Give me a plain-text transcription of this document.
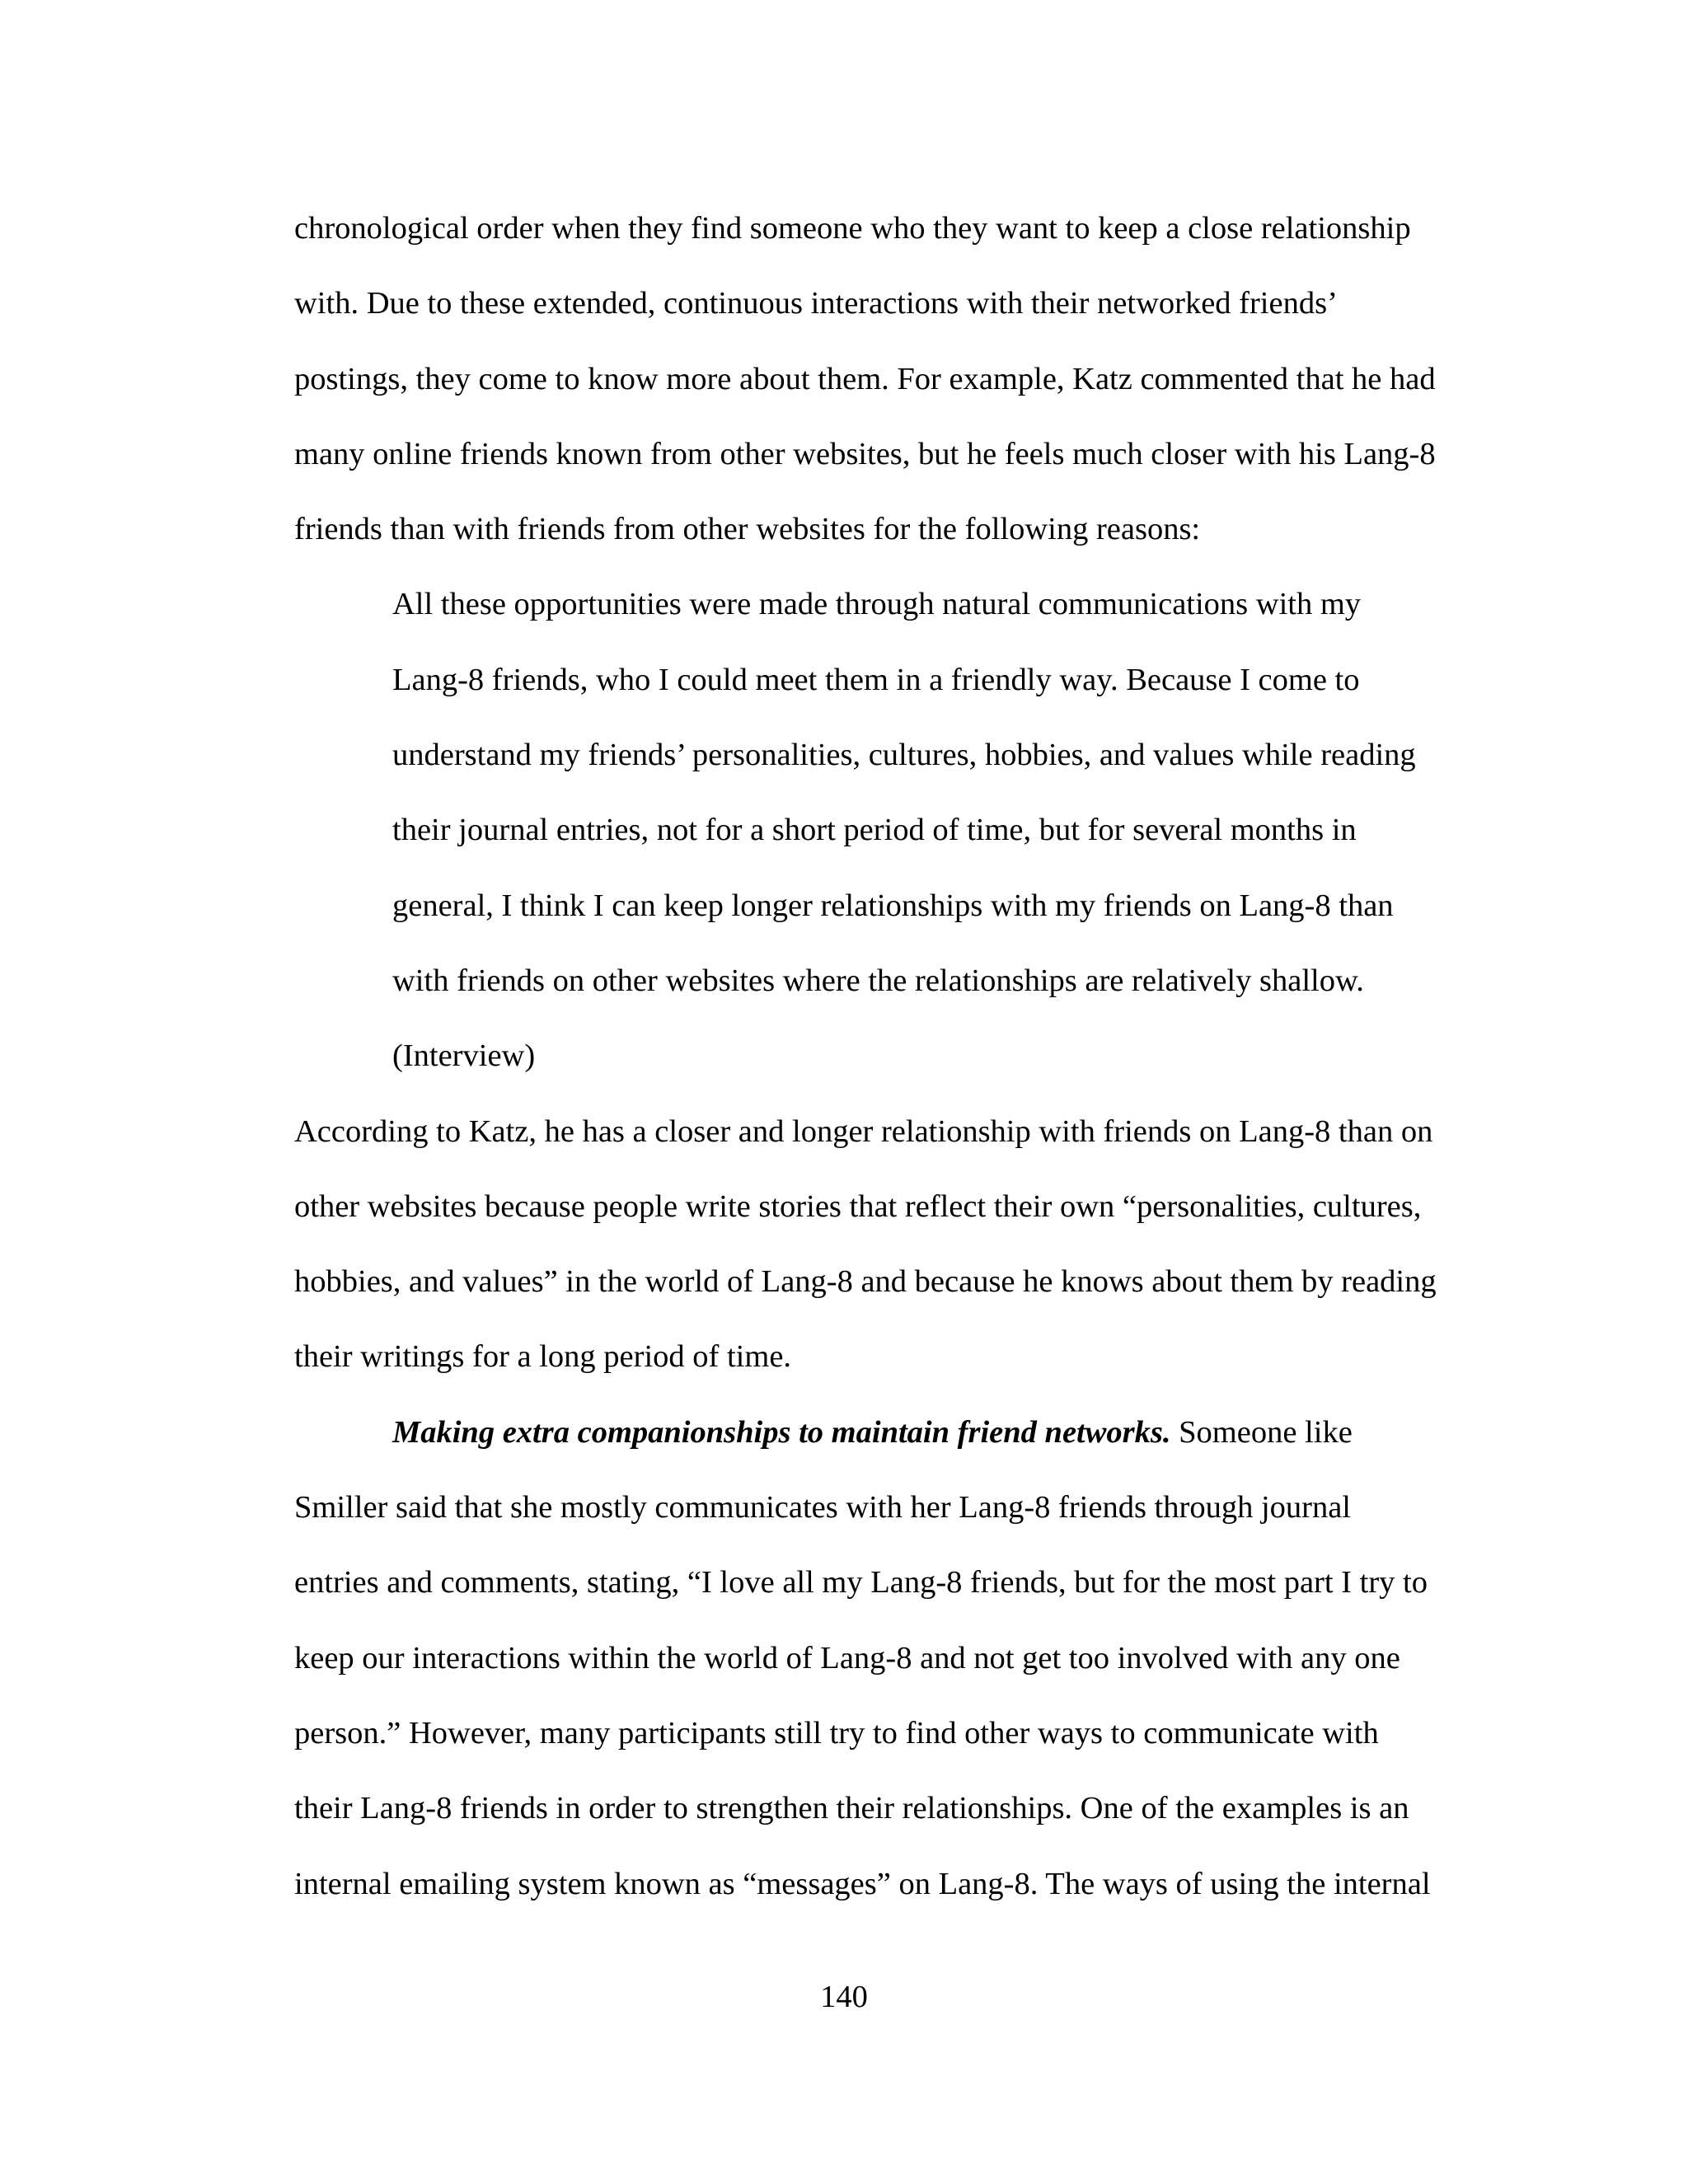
chronological order when they find someone who they want to keep a close relationship
with. Due to these extended, continuous interactions with their networked friends’
postings, they come to know more about them. For example, Katz commented that he had
many online friends known from other websites, but he feels much closer with his Lang-8
friends than with friends from other websites for the following reasons:
All these opportunities were made through natural communications with my
Lang-8 friends, who I could meet them in a friendly way. Because I come to
understand my friends’ personalities, cultures, hobbies, and values while reading
their journal entries, not for a short period of time, but for several months in
general, I think I can keep longer relationships with my friends on Lang-8 than
with friends on other websites where the relationships are relatively shallow.
(Interview)
According to Katz, he has a closer and longer relationship with friends on Lang-8 than on
other websites because people write stories that reflect their own “personalities, cultures,
hobbies, and values” in the world of Lang-8 and because he knows about them by reading
their writings for a long period of time.
Making extra companionships to maintain friend networks. Someone like
Smiller said that she mostly communicates with her Lang-8 friends through journal
entries and comments, stating, “I love all my Lang-8 friends, but for the most part I try to
keep our interactions within the world of Lang-8 and not get too involved with any one
person.” However, many participants still try to find other ways to communicate with
their Lang-8 friends in order to strengthen their relationships. One of the examples is an
internal emailing system known as “messages” on Lang-8. The ways of using the internal
140
